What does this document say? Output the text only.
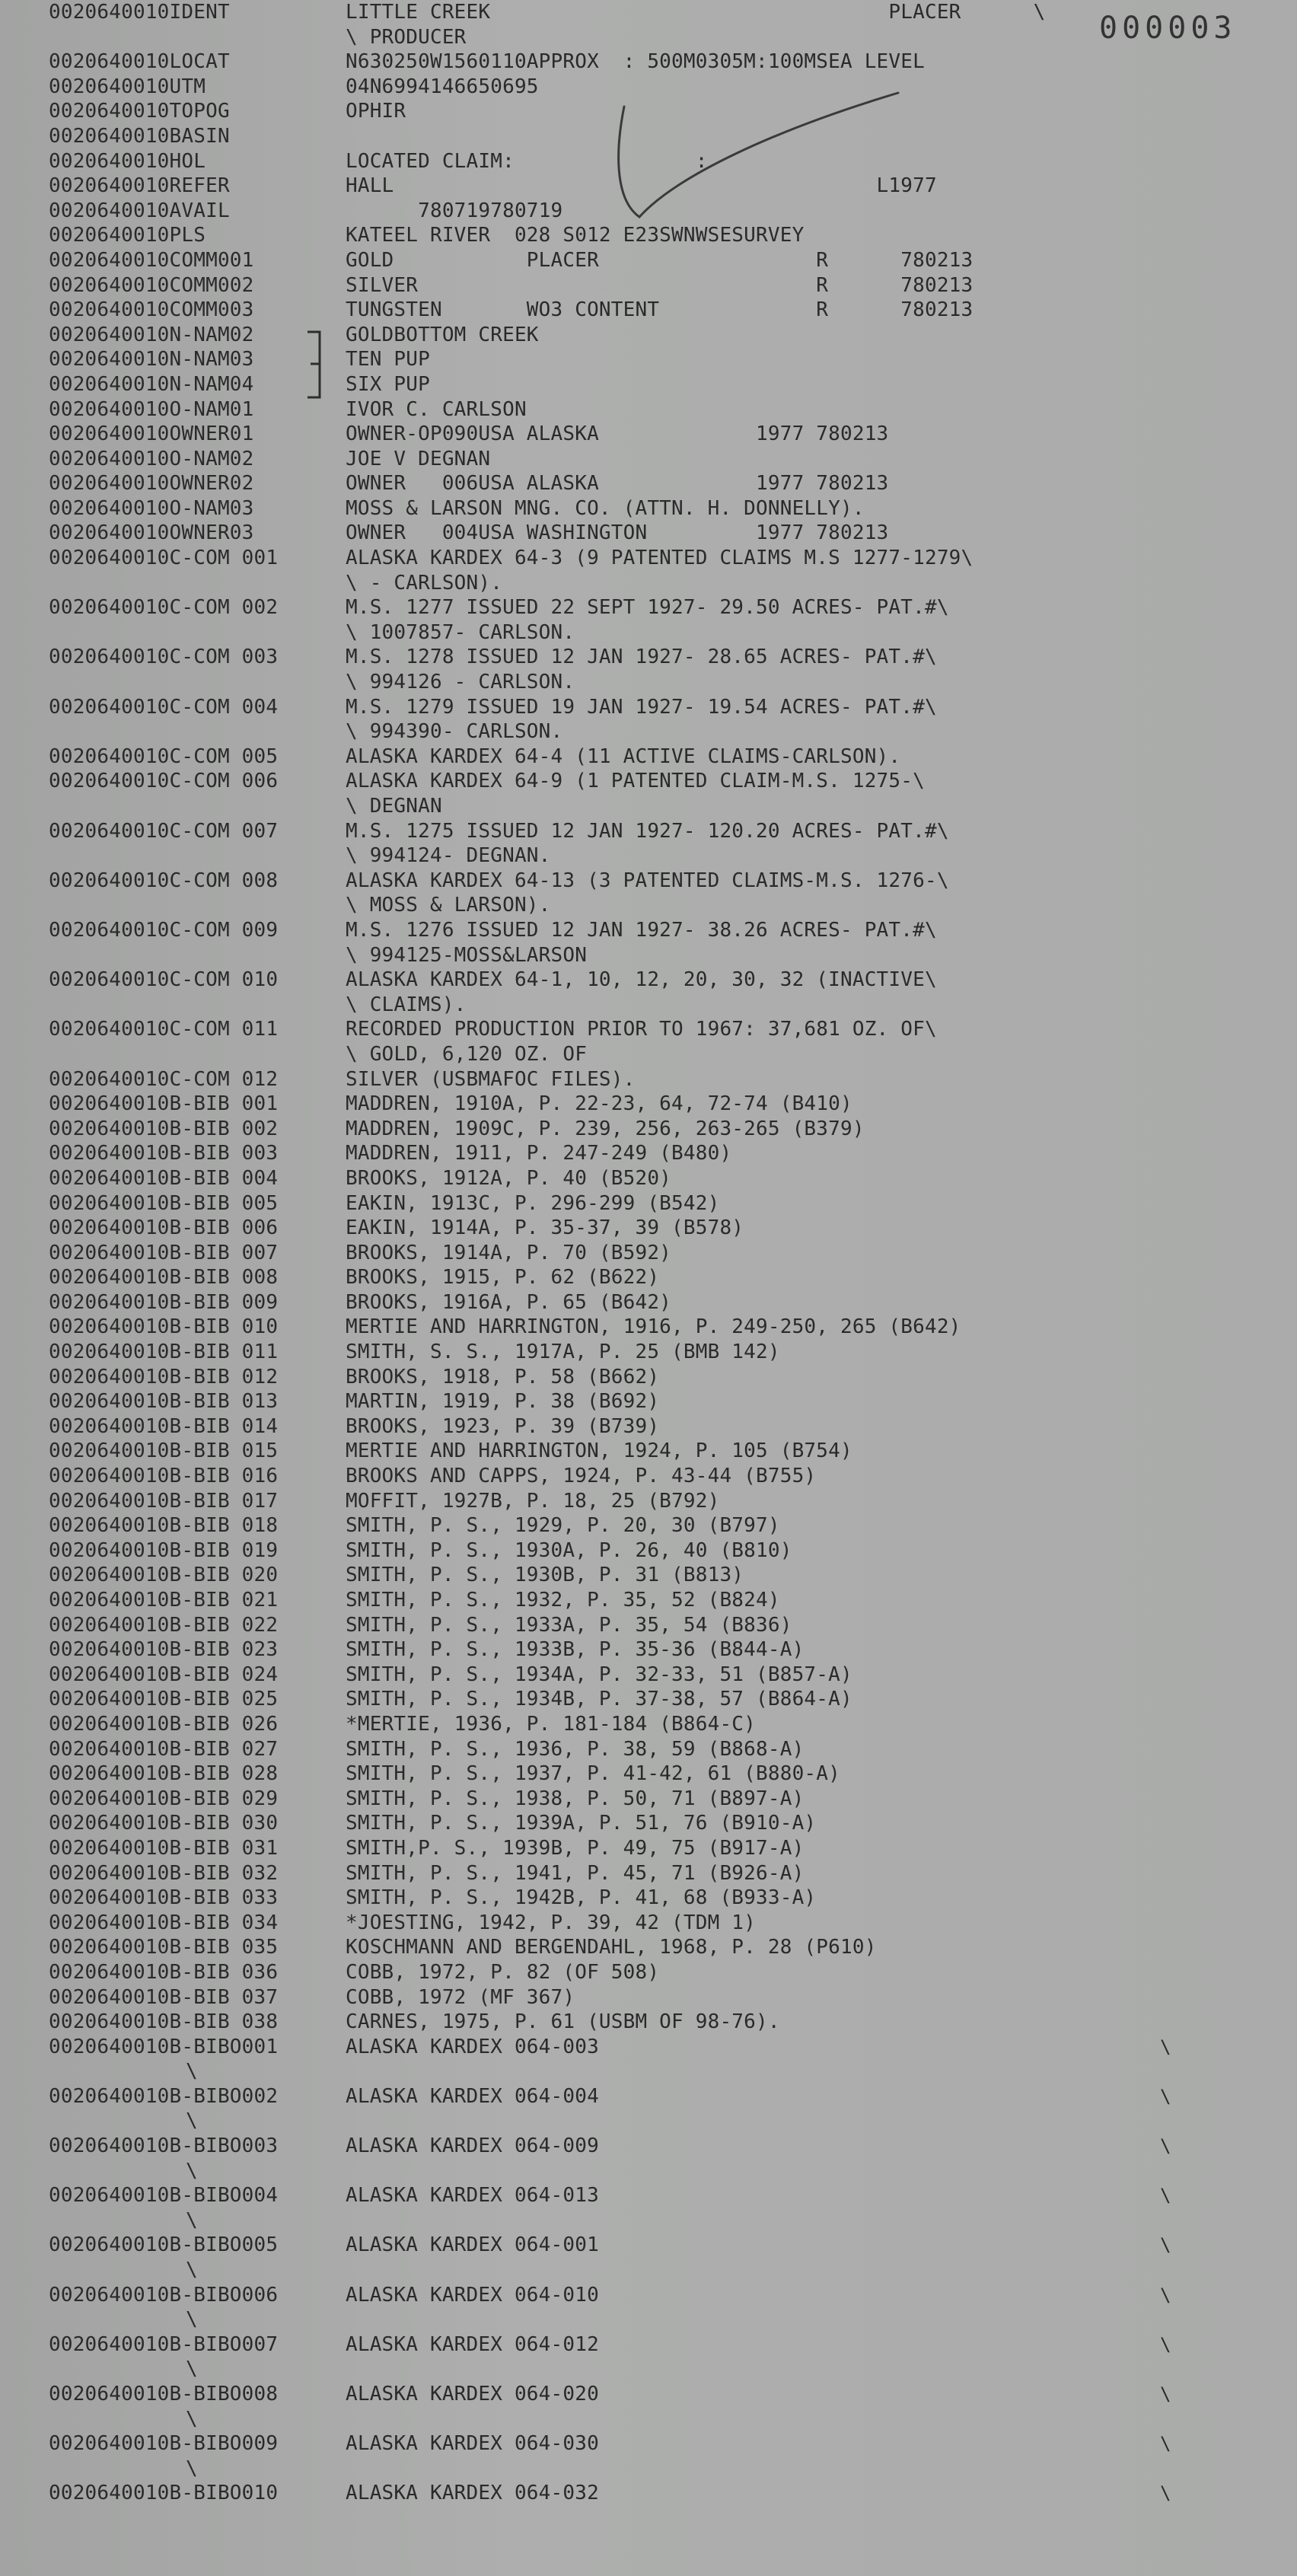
000003
0020640010IDENT	LITTLE CREEK                                 PLACER      \
\ PRODUCER
0020640010LOCAT	N630250W1560110APPROX  : 500M0305M:100MSEA LEVEL
0020640010UTM	04N6994146650695
0020640010TOPOG	OPHIR
0020640010BASIN
0020640010HOL	LOCATED CLAIM:               :
0020640010REFER	HALL                                        L1977
0020640010AVAIL	780719780719
0020640010PLS	KATEEL RIVER  028 S012 E23SWNWSESURVEY
0020640010COMM001	GOLD           PLACER                  R      780213
0020640010COMM002	SILVER                                 R      780213
0020640010COMM003	TUNGSTEN       WO3 CONTENT             R      780213
0020640010N-NAM02	GOLDBOTTOM CREEK
0020640010N-NAM03	TEN PUP
0020640010N-NAM04	SIX PUP
0020640010O-NAM01	IVOR C. CARLSON
0020640010OWNER01	OWNER-OP090USA ALASKA             1977 780213
0020640010O-NAM02	JOE V DEGNAN
0020640010OWNER02	OWNER   006USA ALASKA             1977 780213
0020640010O-NAM03	MOSS & LARSON MNG. CO. (ATTN. H. DONNELLY).
0020640010OWNER03	OWNER   004USA WASHINGTON         1977 780213
0020640010C-COM 001	ALASKA KARDEX 64-3 (9 PATENTED CLAIMS M.S 1277-1279\
\ - CARLSON).
0020640010C-COM 002	M.S. 1277 ISSUED 22 SEPT 1927- 29.50 ACRES- PAT.#\
\ 1007857- CARLSON.
0020640010C-COM 003	M.S. 1278 ISSUED 12 JAN 1927- 28.65 ACRES- PAT.#\
\ 994126 - CARLSON.
0020640010C-COM 004	M.S. 1279 ISSUED 19 JAN 1927- 19.54 ACRES- PAT.#\
\ 994390- CARLSON.
0020640010C-COM 005	ALASKA KARDEX 64-4 (11 ACTIVE CLAIMS-CARLSON).
0020640010C-COM 006	ALASKA KARDEX 64-9 (1 PATENTED CLAIM-M.S. 1275-\
\ DEGNAN
0020640010C-COM 007	M.S. 1275 ISSUED 12 JAN 1927- 120.20 ACRES- PAT.#\
\ 994124- DEGNAN.
0020640010C-COM 008	ALASKA KARDEX 64-13 (3 PATENTED CLAIMS-M.S. 1276-\
\ MOSS & LARSON).
0020640010C-COM 009	M.S. 1276 ISSUED 12 JAN 1927- 38.26 ACRES- PAT.#\
\ 994125-MOSS&LARSON
0020640010C-COM 010	ALASKA KARDEX 64-1, 10, 12, 20, 30, 32 (INACTIVE\
\ CLAIMS).
0020640010C-COM 011	RECORDED PRODUCTION PRIOR TO 1967: 37,681 OZ. OF\
\ GOLD, 6,120 OZ. OF
0020640010C-COM 012	SILVER (USBMAFOC FILES).
0020640010B-BIB 001	MADDREN, 1910A, P. 22-23, 64, 72-74 (B410)
0020640010B-BIB 002	MADDREN, 1909C, P. 239, 256, 263-265 (B379)
0020640010B-BIB 003	MADDREN, 1911, P. 247-249 (B480)
0020640010B-BIB 004	BROOKS, 1912A, P. 40 (B520)
0020640010B-BIB 005	EAKIN, 1913C, P. 296-299 (B542)
0020640010B-BIB 006	EAKIN, 1914A, P. 35-37, 39 (B578)
0020640010B-BIB 007	BROOKS, 1914A, P. 70 (B592)
0020640010B-BIB 008	BROOKS, 1915, P. 62 (B622)
0020640010B-BIB 009	BROOKS, 1916A, P. 65 (B642)
0020640010B-BIB 010	MERTIE AND HARRINGTON, 1916, P. 249-250, 265 (B642)
0020640010B-BIB 011	SMITH, S. S., 1917A, P. 25 (BMB 142)
0020640010B-BIB 012	BROOKS, 1918, P. 58 (B662)
0020640010B-BIB 013	MARTIN, 1919, P. 38 (B692)
0020640010B-BIB 014	BROOKS, 1923, P. 39 (B739)
0020640010B-BIB 015	MERTIE AND HARRINGTON, 1924, P. 105 (B754)
0020640010B-BIB 016	BROOKS AND CAPPS, 1924, P. 43-44 (B755)
0020640010B-BIB 017	MOFFIT, 1927B, P. 18, 25 (B792)
0020640010B-BIB 018	SMITH, P. S., 1929, P. 20, 30 (B797)
0020640010B-BIB 019	SMITH, P. S., 1930A, P. 26, 40 (B810)
0020640010B-BIB 020	SMITH, P. S., 1930B, P. 31 (B813)
0020640010B-BIB 021	SMITH, P. S., 1932, P. 35, 52 (B824)
0020640010B-BIB 022	SMITH, P. S., 1933A, P. 35, 54 (B836)
0020640010B-BIB 023	SMITH, P. S., 1933B, P. 35-36 (B844-A)
0020640010B-BIB 024	SMITH, P. S., 1934A, P. 32-33, 51 (B857-A)
0020640010B-BIB 025	SMITH, P. S., 1934B, P. 37-38, 57 (B864-A)
0020640010B-BIB 026	*MERTIE, 1936, P. 181-184 (B864-C)
0020640010B-BIB 027	SMITH, P. S., 1936, P. 38, 59 (B868-A)
0020640010B-BIB 028	SMITH, P. S., 1937, P. 41-42, 61 (B880-A)
0020640010B-BIB 029	SMITH, P. S., 1938, P. 50, 71 (B897-A)
0020640010B-BIB 030	SMITH, P. S., 1939A, P. 51, 76 (B910-A)
0020640010B-BIB 031	SMITH,P. S., 1939B, P. 49, 75 (B917-A)
0020640010B-BIB 032	SMITH, P. S., 1941, P. 45, 71 (B926-A)
0020640010B-BIB 033	SMITH, P. S., 1942B, P. 41, 68 (B933-A)
0020640010B-BIB 034	*JOESTING, 1942, P. 39, 42 (TDM 1)
0020640010B-BIB 035	KOSCHMANN AND BERGENDAHL, 1968, P. 28 (P610)
0020640010B-BIB 036	COBB, 1972, P. 82 (OF 508)
0020640010B-BIB 037	COBB, 1972 (MF 367)
0020640010B-BIB 038	CARNES, 1975, P. 61 (USBM OF 98-76).
0020640010B-BIBO001	ALASKA KARDEX 064-003	\
\
0020640010B-BIBO002	ALASKA KARDEX 064-004	\
\
0020640010B-BIBO003	ALASKA KARDEX 064-009	\
\
0020640010B-BIBO004	ALASKA KARDEX 064-013	\
\
0020640010B-BIBO005	ALASKA KARDEX 064-001	\
\
0020640010B-BIBO006	ALASKA KARDEX 064-010	\
\
0020640010B-BIBO007	ALASKA KARDEX 064-012	\
\
0020640010B-BIBO008	ALASKA KARDEX 064-020	\
\
0020640010B-BIBO009	ALASKA KARDEX 064-030	\
\
0020640010B-BIBO010	ALASKA KARDEX 064-032	\
